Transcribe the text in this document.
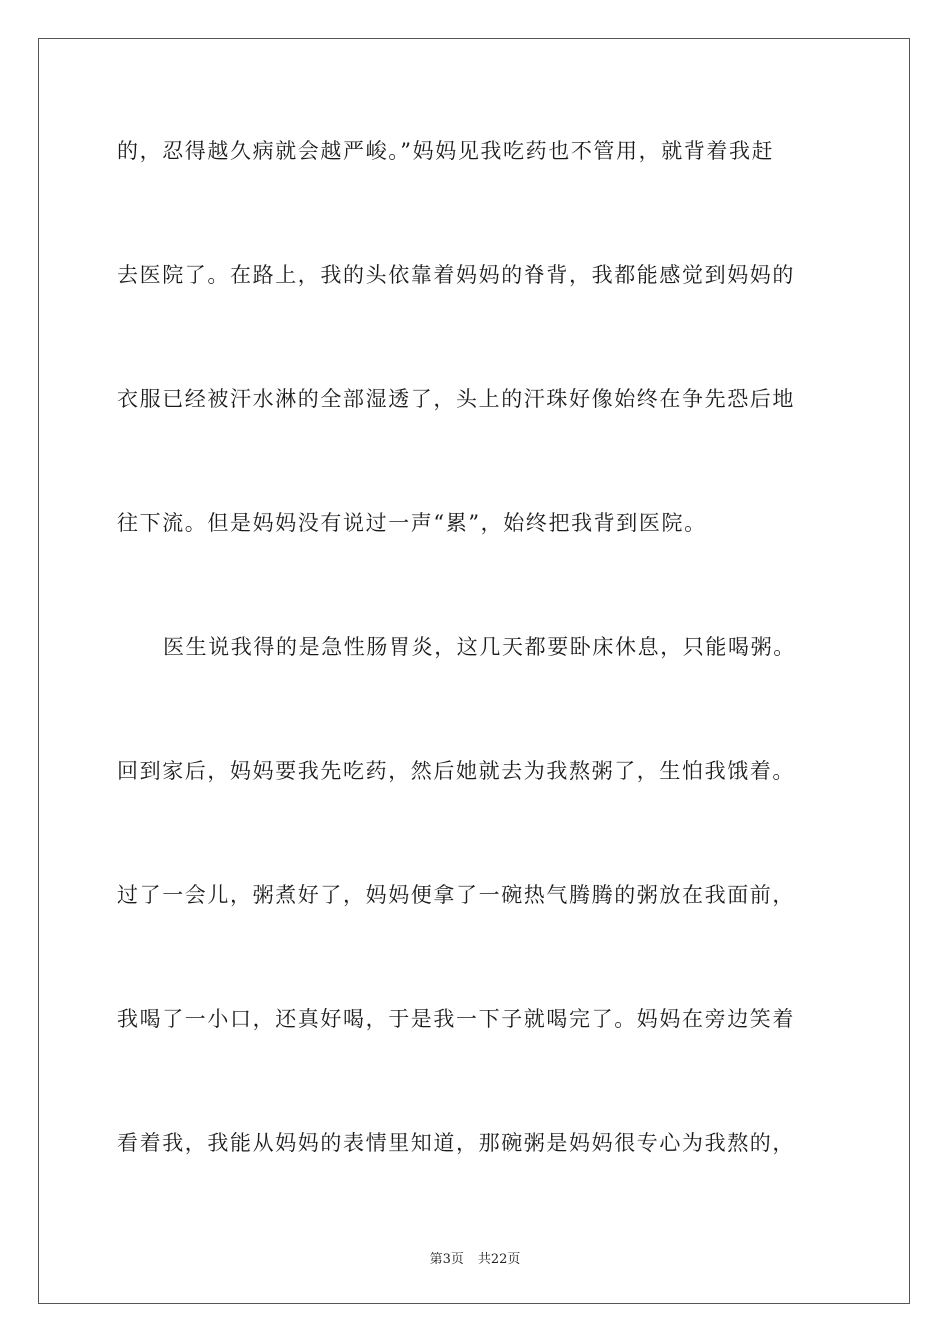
的，忍得越久病就会越严峻。”妈妈见我吃药也不管用，就背着我赶
去医院了。在路上，我的头依靠着妈妈的脊背，我都能感觉到妈妈的
衣服已经被汗水淋的全部湿透了，头上的汗珠好像始终在争先恐后地
往下流。但是妈妈没有说过一声“累”，始终把我背到医院。
医生说我得的是急性肠胃炎，这几天都要卧床休息，只能喝粥。
回到家后，妈妈要我先吃药，然后她就去为我熬粥了，生怕我饿着。
过了一会儿，粥煮好了，妈妈便拿了一碗热气腾腾的粥放在我面前，
我喝了一小口，还真好喝，于是我一下子就喝完了。妈妈在旁边笑着
看着我，我能从妈妈的表情里知道，那碗粥是妈妈很专心为我熬的，
第3页 共22页
